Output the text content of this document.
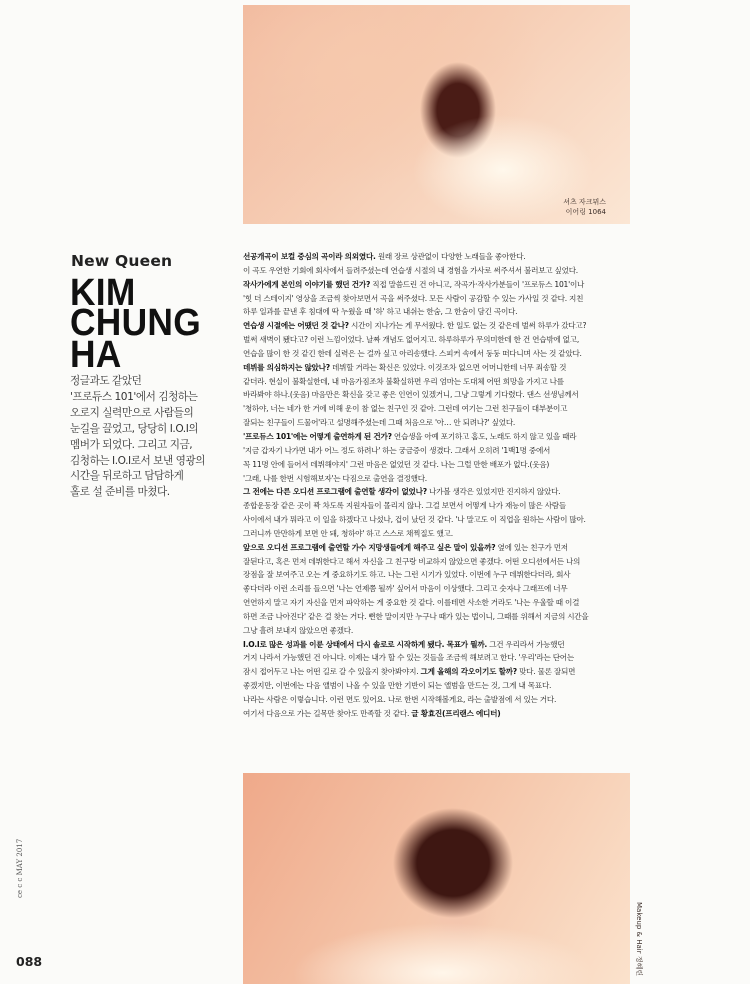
셔츠 자크뮈스
이어링 1064
Makeup & Hair 정혜린
New Queen
KIM
CHUNG
HA
정글과도 같았던
'프로듀스 101'에서 김청하는
오로지 실력만으로 사람들의
눈길을 끌었고, 당당히 I.O.I의
멤버가 되었다. 그리고 지금,
김청하는 I.O.I로서 보낸 영광의
시간을 뒤로하고 담담하게
홀로 설 준비를 마쳤다.
선공개곡이 보컬 중심의 곡이라 의외였다. 원래 장르 상관없이 다양한 노래들을 좋아한다.
이 곡도 우연한 기회에 회사에서 들려주셨는데 연습생 시절의 내 경험을 가사로 써주셔서 불러보고 싶었다.
작사가에게 본인의 이야기를 했던 건가? 직접 말씀드린 건 아니고, 작곡가·작사가분들이 '프로듀스 101'이나
'힛 더 스테이지' 영상을 조금씩 찾아보면서 곡을 써주셨다. 모든 사람이 공감할 수 있는 가사일 것 같다. 지친
하루 일과를 끝낸 후 침대에 딱 누웠을 때 '하' 하고 내쉬는 한숨, 그 한숨이 담긴 곡이다.
연습생 시절에는 어땠던 것 같나? 시간이 지나가는 게 무서웠다. 한 일도 없는 것 같은데 벌써 하루가 갔다고?
벌써 새벽이 됐다고? 이런 느낌이었다. 날짜 개념도 없어지고. 하루하루가 무의미한데 한 건 연습밖에 없고,
연습을 많이 한 것 같긴 한데 실력은 는 걸까 싶고 아리송했다. 스피커 속에서 둥둥 떠다니며 사는 것 같았다.
데뷔를 의심하지는 않았나? 데뷔할 거라는 확신은 있었다. 이것조차 없으면 어머니한테 너무 죄송할 것
같더라. 현실이 불확실한데, 내 마음가짐조차 불확실하면 우리 엄마는 도대체 어떤 희망을 가지고 나를
바라봐야 하나.(웃음) 마음만은 확신을 갖고 좋은 인연이 있겠거니, 그냥 그렇게 기다렸다. 댄스 선생님께서
'청하야, 너는 네가 한 거에 비해 운이 참 없는 친구인 것 같아. 그런데 여기는 그런 친구들이 대부분이고
잘되는 친구들이 드물어'라고 설명해주셨는데 그때 처음으로 '아… 안 되려나?' 싶었다.
'프로듀스 101'에는 어떻게 출연하게 된 건가? 연습생을 아예 포기하고 홈도, 노래도 하지 않고 있을 때라
'지금 갑자기 나가면 내가 어느 정도 하려나' 하는 궁금증이 생겼다. 그래서 오히려 '1백1명 중에서
꼭 11명 안에 들어서 데뷔해야지' 그런 마음은 없었던 것 같다. 나는 그럴 만한 배포가 없다.(웃음)
'그래, 나를 한번 시험해보자'는 다짐으로 출연을 결정했다.
그 전에는 다른 오디션 프로그램에 출연할 생각이 없었나? 나가볼 생각은 있었지만 진지하지 않았다.
종합운동장 같은 곳이 꽉 차도록 지원자들이 몰리지 않나. 그걸 보면서 어떻게 나가 재능이 많은 사람들
사이에서 내가 뭐라고 이 일을 하겠다고 나섰나, 겁이 났던 것 같다. '나 말고도 이 직업을 원하는 사람이 많아.
그러니까 만만하게 보면 안 돼, 청하야' 하고 스스로 채찍질도 했고.
앞으로 오디션 프로그램에 출연할 가수 지망생들에게 해주고 싶은 말이 있을까? 옆에 있는 친구가 먼저
잘된다고, 혹은 먼저 데뷔한다고 해서 자신을 그 친구랑 비교하지 않았으면 좋겠다. 어떤 오디션에서든 나의
장점을 잘 보여주고 오는 게 중요하기도 하고. 나는 그런 시기가 있었다. 이번에 누구 데뷔한다더라, 회사
좋다더라 이런 소리를 들으면 '나는 언제쯤 될까' 싶어서 마음이 이상했다. 그리고 숫자나 그래프에 너무
연연하지 말고 자기 자신을 먼저 파악하는 게 중요한 것 같다. 이를테면 사소한 거라도 '나는 우울할 때 이걸
하면 조금 나아진다' 같은 걸 찾는 거다. 뻔한 말이지만 누구나 때가 있는 법이니, 그때를 위해서 지금의 시간을
그냥 흘려 보내지 않았으면 좋겠다.
I.O.I로 많은 성과를 이룬 상태에서 다시 솔로로 시작하게 됐다. 목표가 뭘까. 그건 우리라서 가능했던
거지 나라서 가능했던 건 아니다. 이제는 내가 할 수 있는 것들을 조금씩 해보려고 한다. '우리'라는 단어는
잠시 접어두고 나는 어떤 길로 갈 수 있을지 찾아봐야지. 그게 올해의 각오이기도 할까? 맞다. 물론 잘되면
좋겠지만, 이번에는 다음 앨범이 나올 수 있을 만한 기반이 되는 앨범을 만드는 것, 그게 내 목표다.
나라는 사람은 이렇습니다. 이런 면도 있어요. 나로 한번 시작해볼게요, 라는 출발점에 서 있는 거다.
여기서 다음으로 가는 길목만 찾아도 만족할 것 같다. 글 황효진(프리랜스 에디터)
ce c c MAY 2017
088
